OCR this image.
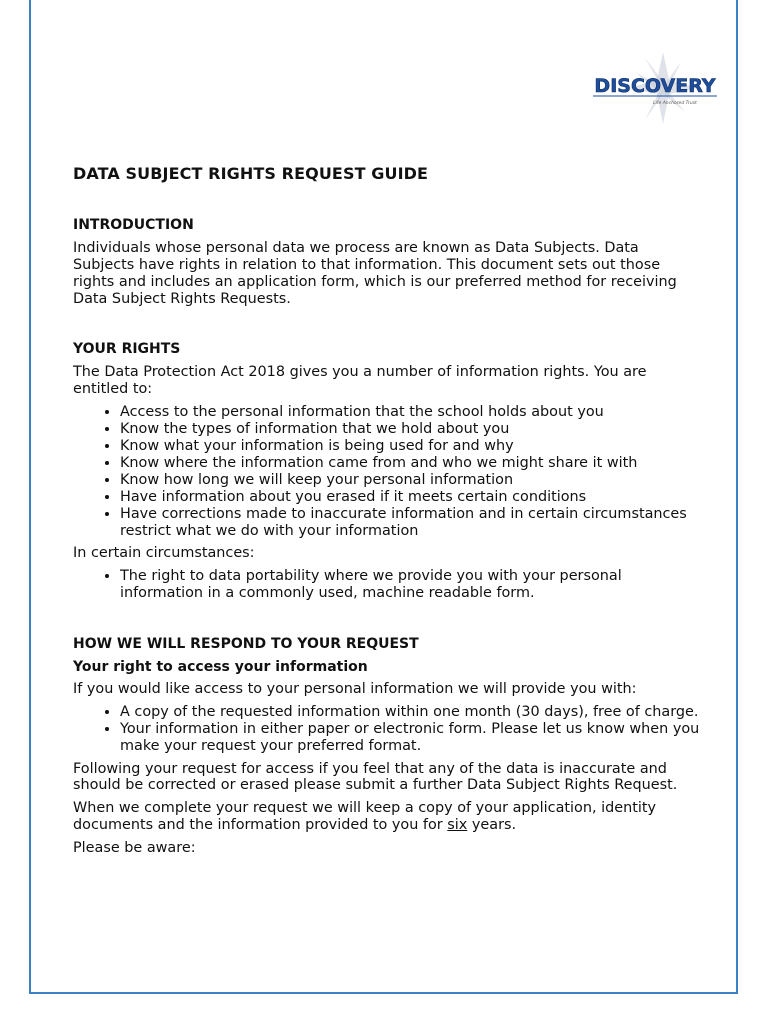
DISCOVERY
Life Anchored Trust
DATA SUBJECT RIGHTS REQUEST GUIDE
INTRODUCTION

Individuals whose personal data we process are known as Data Subjects. Data Subjects have rights in relation to that information. This document sets out those rights and includes an application form, which is our preferred method for receiving Data Subject Rights Requests.

YOUR RIGHTS

The Data Protection Act 2018 gives you a number of information rights. You are entitled to:

• Access to the personal information that the school holds about you
• Know the types of information that we hold about you
• Know what your information is being used for and why
• Know where the information came from and who we might share it with
• Know how long we will keep your personal information
• Have information about you erased if it meets certain conditions
• Have corrections made to inaccurate information and in certain circumstances restrict what we do with your information

In certain circumstances:

• The right to data portability where we provide you with your personal information in a commonly used, machine readable form.
HOW WE WILL RESPOND TO YOUR REQUEST
Your right to access your information

If you would like access to your personal information we will provide you with:

• A copy of the requested information within one month (30 days), free of charge.
• Your information in either paper or electronic form. Please let us know when you make your request your preferred format.

Following your request for access if you feel that any of the data is inaccurate and should be corrected or erased please submit a further Data Subject Rights Request.

When we complete your request we will keep a copy of your application, identity documents and the information provided to you for six years.

Please be aware:
